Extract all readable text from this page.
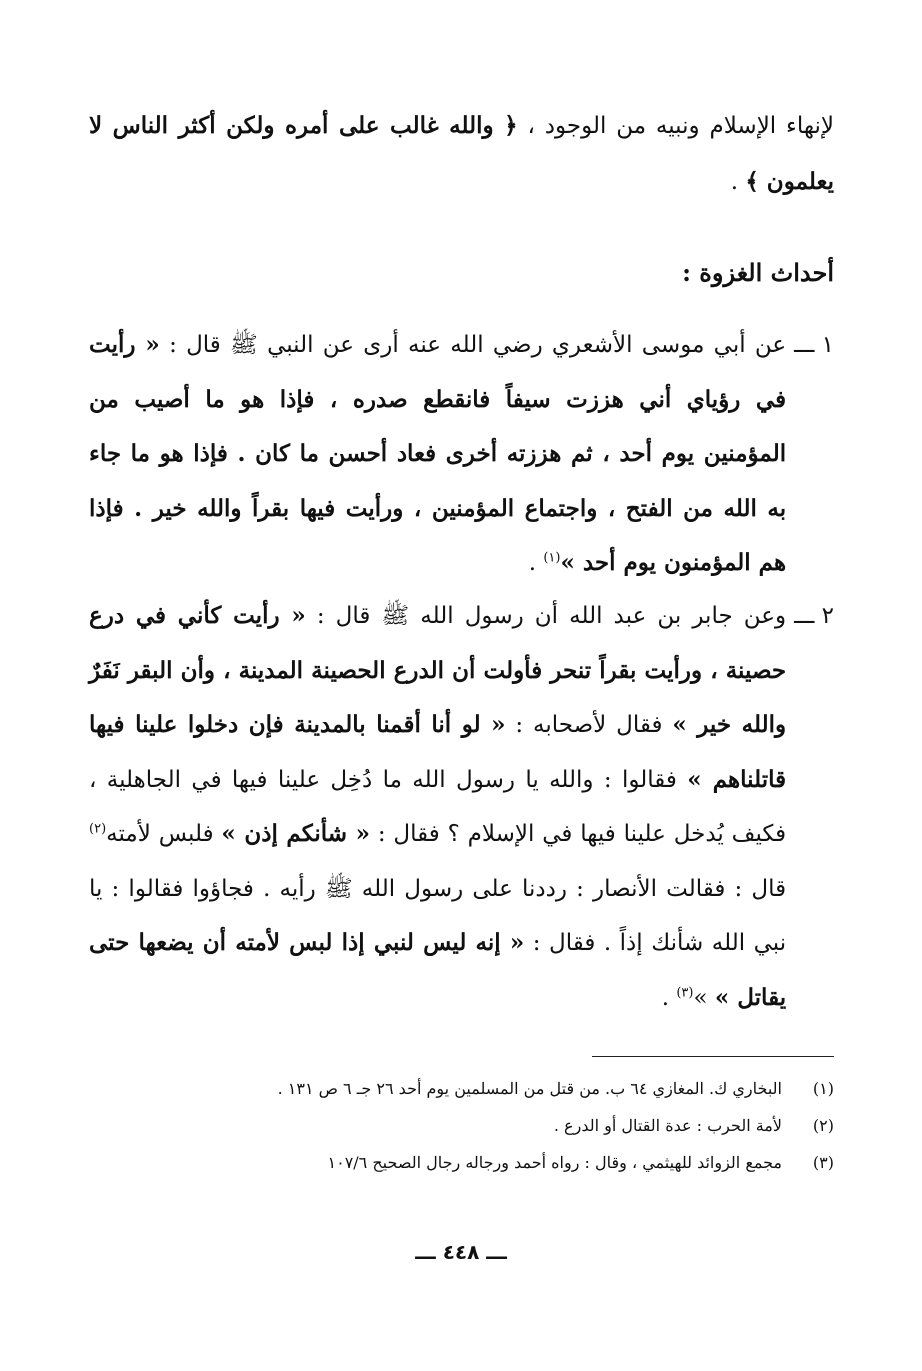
لإنهاء الإسلام ونبيه من الوجود ، ﴿ والله غالب على أمره ولكن أكثر الناس لا يعلمون ﴾ .

أحداث الغزوة :
١ ـــ

عن أبي موسى الأشعري رضي الله عنه أرى عن النبي ﷺ قال : « رأيت في رؤياي أني هززت سيفاً فانقطع صدره ، فإذا هو ما أصيب من المؤمنين يوم أحد ، ثم هززته أخرى فعاد أحسن ما كان . فإذا هو ما جاء به الله من الفتح ، واجتماع المؤمنين ، ورأيت فيها بقراً والله خير . فإذا هم المؤمنون يوم أحد »$^{(١)}$ .

٢ ـــ

وعن جابر بن عبد الله أن رسول الله ﷺ قال : « رأيت كأني في درع حصينة ، ورأيت بقراً تنحر فأولت أن الدرع الحصينة المدينة ، وأن البقر نَفَرٌ والله خير » فقال لأصحابه : « لو أنا أقمنا بالمدينة فإن دخلوا علينا فيها قاتلناهم » فقالوا : والله يا رسول الله ما دُخِل علينا فيها في الجاهلية ، فكيف يُدخل علينا فيها في الإسلام ؟ فقال : « شأنكم إذن » فلبس لأمته$^{(٢)}$ قال : فقالت الأنصار : رددنا على رسول الله ﷺ رأيه . فجاؤوا فقالوا : يا نبي الله شأنك إذاً . فقال : « إنه ليس لنبي إذا لبس لأمته أن يضعها حتى يقاتل » »$^{(٣)}$ .

(١)
البخاري ك. المغازي ٦٤ ب. من قتل من المسلمين يوم أحد ٢٦ جـ ٦ ص ١٣١ .
(٢)
لأمة الحرب : عدة القتال أو الدرع .
(٣)
مجمع الزوائد للهيثمي ، وقال : رواه أحمد ورجاله رجال الصحيح ١٠٧/٦
ـــ ٤٤٨ ـــ
